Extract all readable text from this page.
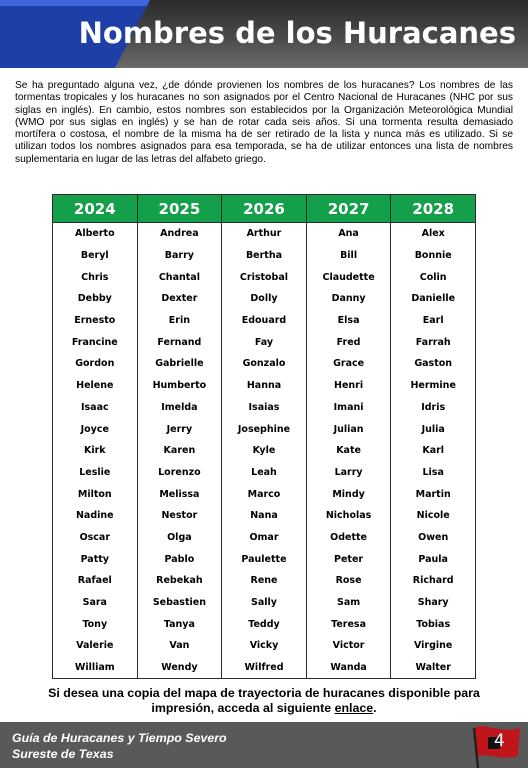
Nombres de los Huracanes
Se ha preguntado alguna vez, ¿de dónde provienen los nombres de los huracanes? Los nombres de las tormentas tropicales y los huracanes no son asignados por el Centro Nacional de Huracanes (NHC por sus siglas en inglés). En cambio, estos nombres son establecidos por la Organización Meteorológica Mundial (WMO por sus siglas en inglés) y se han de rotar cada seis años. Si una tormenta resulta demasiado mortífera o costosa, el nombre de la misma ha de ser retirado de la lista y nunca más es utilizado. Si se utilizan todos los nombres asignados para esa temporada, se ha de utilizar entonces una lista de nombres suplementaria en lugar de las letras del alfabeto griego.
2024	2025	2026	2027	2028
Alberto	Andrea	Arthur	Ana	Alex
Beryl	Barry	Bertha	Bill	Bonnie
Chris	Chantal	Cristobal	Claudette	Colin
Debby	Dexter	Dolly	Danny	Danielle
Ernesto	Erin	Edouard	Elsa	Earl
Francine	Fernand	Fay	Fred	Farrah
Gordon	Gabrielle	Gonzalo	Grace	Gaston
Helene	Humberto	Hanna	Henri	Hermine
Isaac	Imelda	Isaias	Imani	Idris
Joyce	Jerry	Josephine	Julian	Julia
Kirk	Karen	Kyle	Kate	Karl
Leslie	Lorenzo	Leah	Larry	Lisa
Milton	Melissa	Marco	Mindy	Martin
Nadine	Nestor	Nana	Nicholas	Nicole
Oscar	Olga	Omar	Odette	Owen
Patty	Pablo	Paulette	Peter	Paula
Rafael	Rebekah	Rene	Rose	Richard
Sara	Sebastien	Sally	Sam	Shary
Tony	Tanya	Teddy	Teresa	Tobias
Valerie	Van	Vicky	Victor	Virgine
William	Wendy	Wilfred	Wanda	Walter
Si desea una copia del mapa de trayectoria de huracanes disponible para impresión, acceda al siguiente enlace.
Guía de Huracanes y Tiempo Severo
Sureste de Texas
4
